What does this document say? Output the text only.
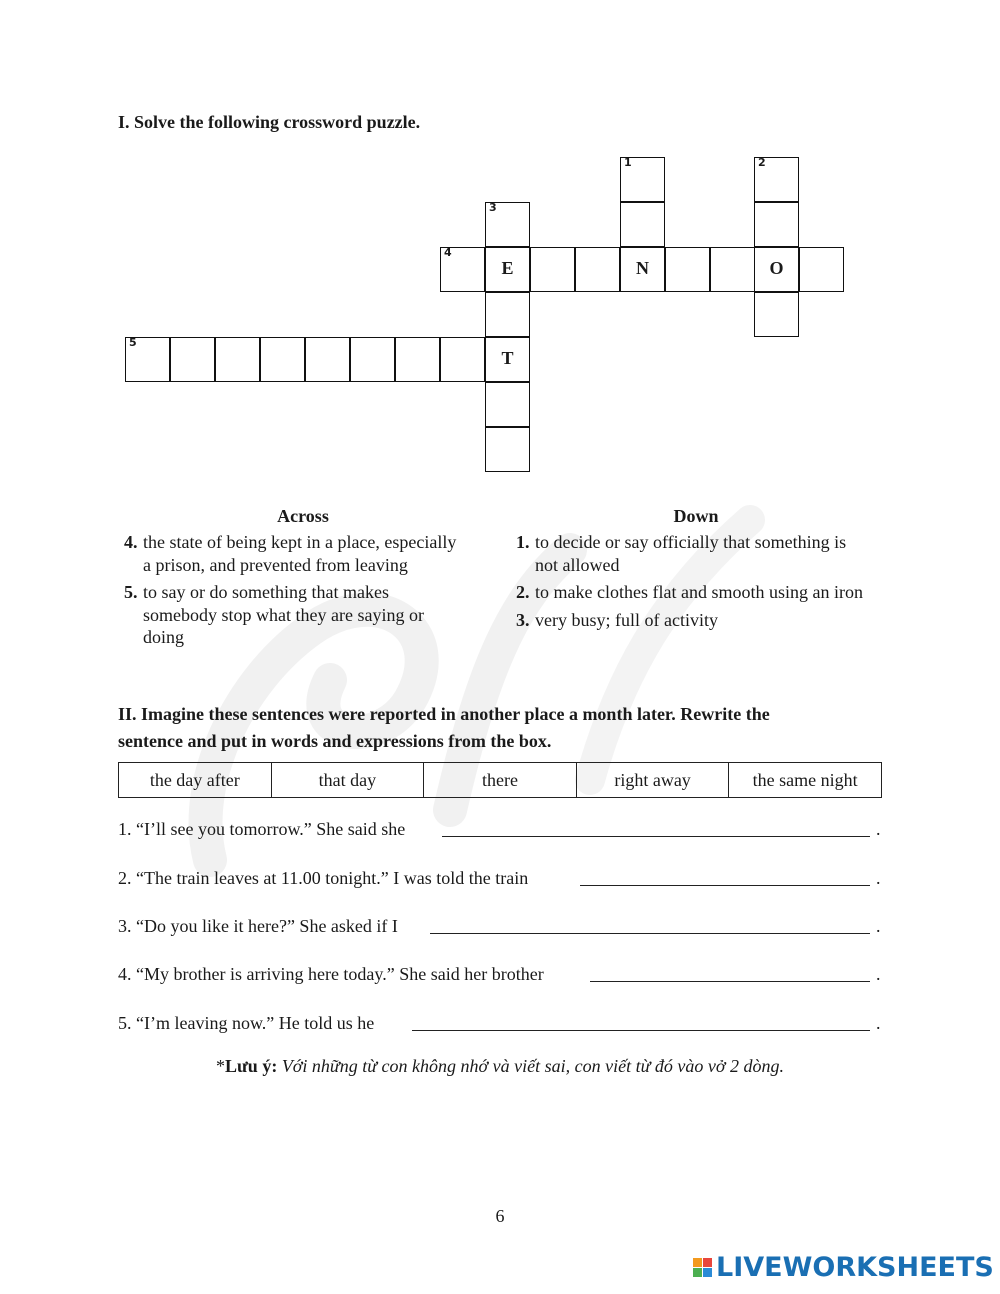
I. Solve the following crossword puzzle.
1
N
2
O
3
E
T
4
5
Across
4. the state of being kept in a place, especially a prison, and prevented from leaving
5. to say or do something that makes somebody stop what they are saying or doing
Down
1. to decide or say officially that something is not allowed
2. to make clothes flat and smooth using an iron
3. very busy; full of activity
II. Imagine these sentences were reported in another place a month later. Rewrite the
sentence and put in words and expressions from the box.
the day after	that day	there	right away	the same night
1. “I’ll see you tomorrow.” She said she	.
2. “The train leaves at 11.00 tonight.” I was told the train	.
3. “Do you like it here?” She asked if I	.
4. “My brother is arriving here today.” She said her brother	.
5. “I’m leaving now.” He told us he	.
*Lưu ý: Với những từ con không nhớ và viết sai, con viết từ đó vào vở 2 dòng.
6
LIVEWORKSHEETS
